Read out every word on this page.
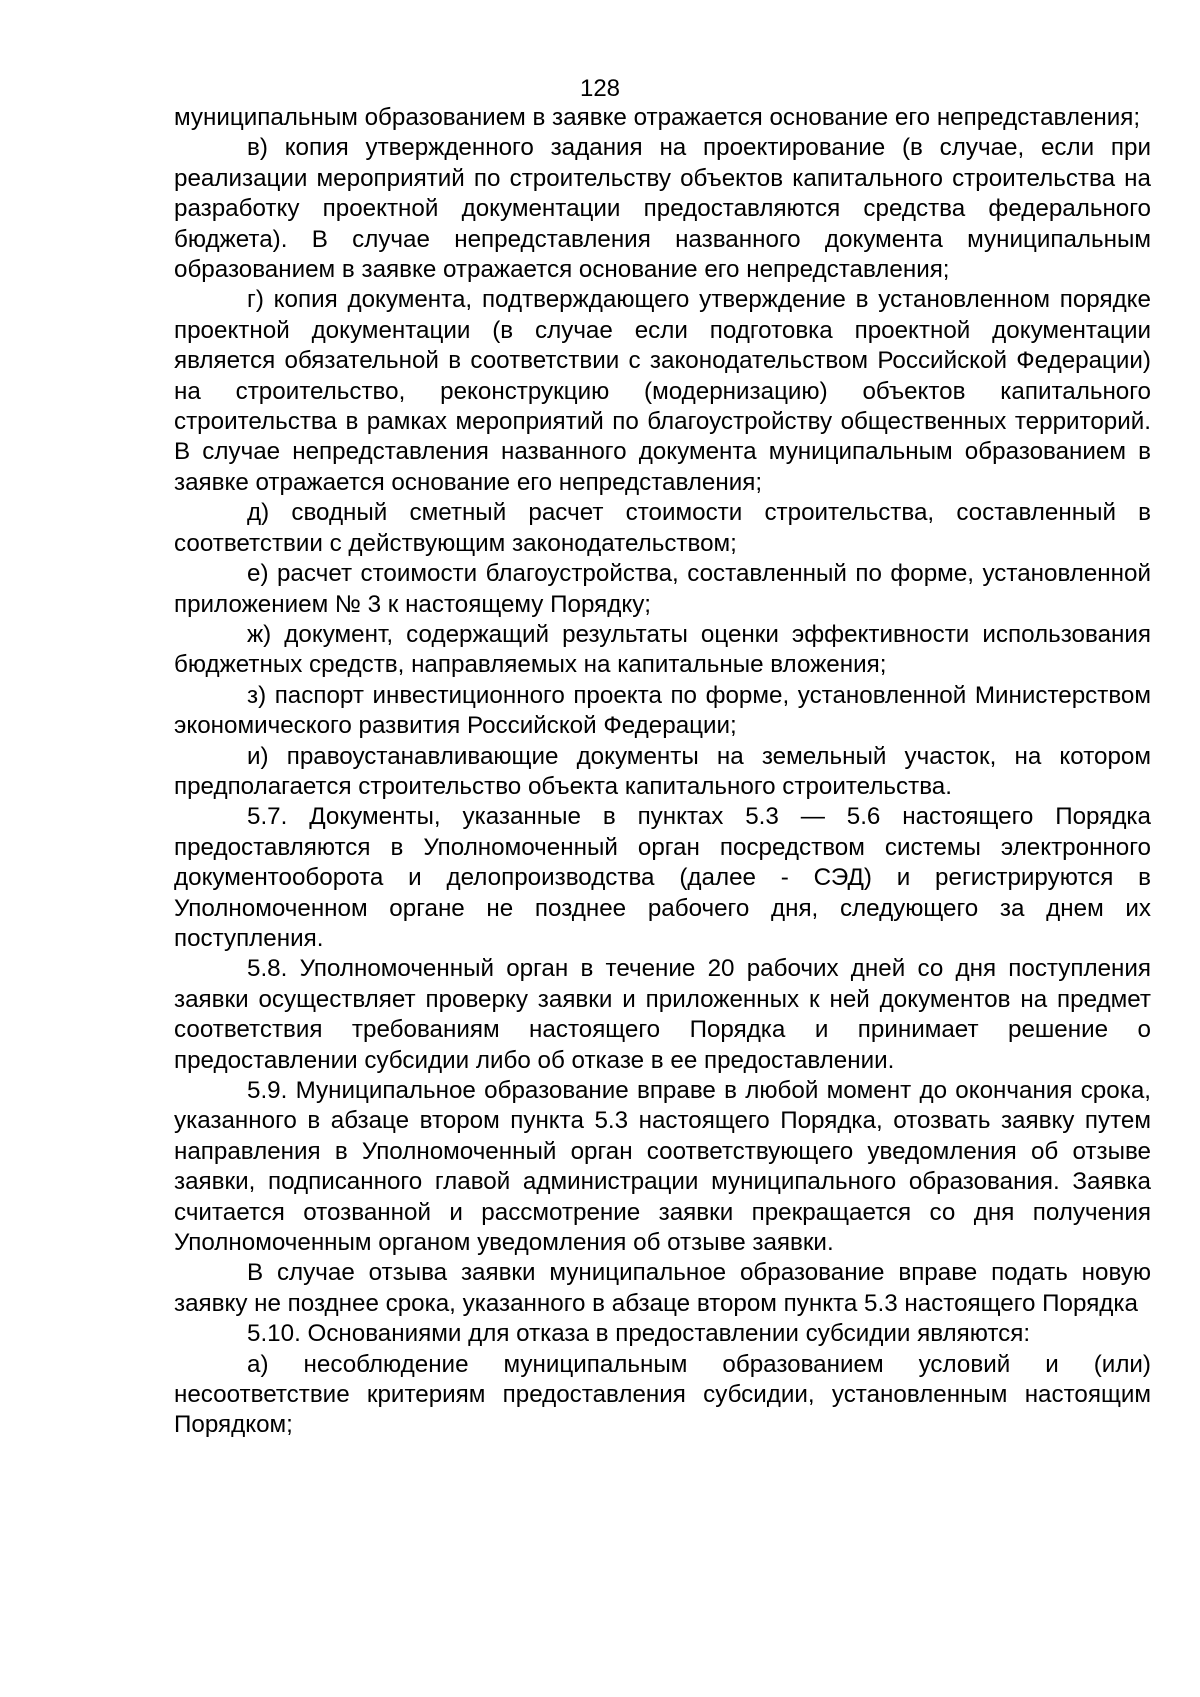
128

муниципальным образованием в заявке отражается основание его непредставления;

в) копия утвержденного задания на проектирование (в случае, если при реализации мероприятий по строительству объектов капитального строительства на разработку проектной документации предоставляются средства федерального бюджета). В случае непредставления названного документа муниципальным образованием в заявке отражается основание его непредставления;

г) копия документа, подтверждающего утверждение в установленном порядке проектной документации (в случае если подготовка проектной документации является обязательной в соответствии с законодательством Российской Федерации) на строительство, реконструкцию (модернизацию) объектов капитального строительства в рамках мероприятий по благоустройству общественных территорий. В случае непредставления названного документа муниципальным образованием в заявке отражается основание его непредставления;

д) сводный сметный расчет стоимости строительства, составленный в соответствии с действующим законодательством;

е) расчет стоимости благоустройства, составленный по форме, установленной приложением № 3 к настоящему Порядку;

ж) документ, содержащий результаты оценки эффективности использования бюджетных средств, направляемых на капитальные вложения;

з) паспорт инвестиционного проекта по форме, установленной Министерством экономического развития Российской Федерации;

и) правоустанавливающие документы на земельный участок, на котором предполагается строительство объекта капитального строительства.

5.7. Документы, указанные в пунктах 5.3 — 5.6 настоящего Порядка предоставляются в Уполномоченный орган посредством системы электронного документооборота и делопроизводства (далее - СЭД) и регистрируются в Уполномоченном органе не позднее рабочего дня, следующего за днем их поступления.

5.8. Уполномоченный орган в течение 20 рабочих дней со дня поступления заявки осуществляет проверку заявки и приложенных к ней документов на предмет соответствия требованиям настоящего Порядка и принимает решение о предоставлении субсидии либо об отказе в ее предоставлении.

5.9. Муниципальное образование вправе в любой момент до окончания срока, указанного в абзаце втором пункта 5.3 настоящего Порядка, отозвать заявку путем направления в Уполномоченный орган соответствующего уведомления об отзыве заявки, подписанного главой администрации муниципального образования. Заявка считается отозванной и рассмотрение заявки прекращается со дня получения Уполномоченным органом уведомления об отзыве заявки.

В случае отзыва заявки муниципальное образование вправе подать новую заявку не позднее срока, указанного в абзаце втором пункта 5.3 настоящего Порядка

5.10. Основаниями для отказа в предоставлении субсидии являются:

а) несоблюдение муниципальным образованием условий и (или) несоответствие критериям предоставления субсидии, установленным настоящим Порядком;
